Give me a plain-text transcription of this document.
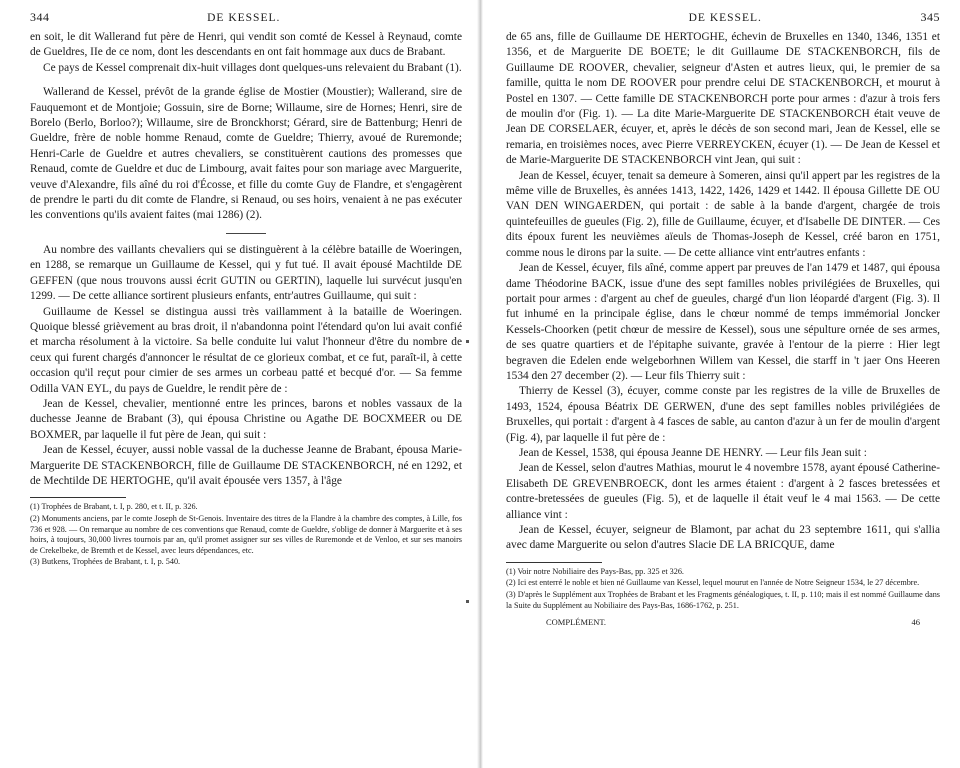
344	DE KESSEL.

en soit, le dit Wallerand fut père de Henri, qui vendit son comté de Kessel à Reynaud, comte de Gueldres, IIe de ce nom, dont les descendants en ont fait hommage aux ducs de Brabant.

Ce pays de Kessel comprenait dix-huit villages dont quelques-uns relevaient du Brabant (1).

Wallerand de Kessel, prévôt de la grande église de Mostier (Moustier); Wallerand, sire de Fauquemont et de Montjoie; Gossuin, sire de Borne; Willaume, sire de Hornes; Henri, sire de Borelo (Berlo, Borloo?); Willaume, sire de Bronckhorst; Gérard, sire de Battenburg; Henri de Gueldre, frère de noble homme Renaud, comte de Gueldre; Thierry, avoué de Ruremonde; Henri-Carle de Gueldre et autres chevaliers, se constituèrent cautions des promesses que Renaud, comte de Gueldre et duc de Limbourg, avait faites pour son mariage avec Marguerite, veuve d'Alexandre, fils aîné du roi d'Écosse, et fille du comte Guy de Flandre, et s'engagèrent de prendre le parti du dit comte de Flandre, si Renaud, ou ses hoirs, venaient à ne pas exécuter les conventions qu'ils avaient faites (mai 1286) (2).

Au nombre des vaillants chevaliers qui se distinguèrent à la célèbre bataille de Woeringen, en 1288, se remarque un Guillaume de Kessel, qui y fut tué. Il avait épousé Machtilde DE GEFFEN (que nous trouvons aussi écrit GUTIN ou GERTIN), laquelle lui survécut jusqu'en 1299. — De cette alliance sortirent plusieurs enfants, entr'autres Guillaume, qui suit :

Guillaume de Kessel se distingua aussi très vaillamment à la bataille de Woeringen. Quoique blessé grièvement au bras droit, il n'abandonna point l'étendard qu'on lui avait confié et marcha résolument à la victoire. Sa belle conduite lui valut l'honneur d'être du nombre de ceux qui furent chargés d'annoncer le résultat de ce glorieux combat, et ce fut, paraît-il, à cette occasion qu'il reçut pour cimier de ses armes un corbeau patté et becqué d'or. — Sa femme Odilla VAN EYL, du pays de Gueldre, le rendit père de :

Jean de Kessel, chevalier, mentionné entre les princes, barons et nobles vassaux de la duchesse Jeanne de Brabant (3), qui épousa Christine ou Agathe DE BOCXMEER ou DE BOXMER, par laquelle il fut père de Jean, qui suit :

Jean de Kessel, écuyer, aussi noble vassal de la duchesse Jeanne de Brabant, épousa Marie-Marguerite DE STACKENBORCH, fille de Guillaume DE STACKENBORCH, né en 1292, et de Mechtilde DE HERTOGHE, qu'il avait épousée vers 1357, à l'âge

(1) Trophées de Brabant, t. I, p. 280, et t. II, p. 326.

(2) Monuments anciens, par le comte Joseph de St-Genois. Inventaire des titres de la Flandre à la chambre des comptes, à Lille, fos 736 et 928. — On remarque au nombre de ces conventions que Renaud, comte de Gueldre, s'oblige de donner à Marguerite et à ses hoirs, à toujours, 30,000 livres tournois par an, qu'il promet assigner sur ses villes de Ruremonde et de Venloo, et sur ses manoirs de Crekelbeke, de Bremth et de Kessel, avec leurs dépendances, etc.

(3) Butkens, Trophées de Brabant, t. I, p. 540.

DE KESSEL.	345

de 65 ans, fille de Guillaume DE HERTOGHE, échevin de Bruxelles en 1340, 1346, 1351 et 1356, et de Marguerite DE BOETE; le dit Guillaume DE STACKENBORCH, fils de Guillaume DE ROOVER, chevalier, seigneur d'Asten et autres lieux, qui, le premier de sa famille, quitta le nom DE ROOVER pour prendre celui DE STACKENBORCH, et mourut à Postel en 1307. — Cette famille DE STACKENBORCH porte pour armes : d'azur à trois fers de moulin d'or (Fig. 1). — La dite Marie-Marguerite DE STACKENBORCH était veuve de Jean DE CORSELAER, écuyer, et, après le décès de son second mari, Jean de Kessel, elle se remaria, en troisièmes noces, avec Pierre VERREYCKEN, écuyer (1). — De Jean de Kessel et de Marie-Marguerite DE STACKENBORCH vint Jean, qui suit :

Jean de Kessel, écuyer, tenait sa demeure à Someren, ainsi qu'il appert par les registres de la même ville de Bruxelles, ès années 1413, 1422, 1426, 1429 et 1442. Il épousa Gillette DE OU VAN DEN WINGAERDEN, qui portait : de sable à la bande d'argent, chargée de trois quintefeuilles de gueules (Fig. 2), fille de Guillaume, écuyer, et d'Isabelle DE DINTER. — Ces dits époux furent les neuvièmes aïeuls de Thomas-Joseph de Kessel, créé baron en 1751, comme nous le dirons par la suite. — De cette alliance vint entr'autres enfants :

Jean de Kessel, écuyer, fils aîné, comme appert par preuves de l'an 1479 et 1487, qui épousa dame Théodorine BACK, issue d'une des sept familles nobles privilégiées de Bruxelles, qui portait pour armes : d'argent au chef de gueules, chargé d'un lion léopardé d'argent (Fig. 3). Il fut inhumé en la principale église, dans le chœur nommé de temps immémorial Joncker Kessels-Choorken (petit chœur de messire de Kessel), sous une sépulture ornée de ses armes, de ses quatre quartiers et de l'épitaphe suivante, gravée à l'entour de la pierre : Hier legt begraven die Edelen ende welgeborhnen Willem van Kessel, die starff in 't jaer Ons Heeren 1534 den 27 december (2). — Leur fils Thierry suit :

Thierry de Kessel (3), écuyer, comme conste par les registres de la ville de Bruxelles de 1493, 1524, épousa Béatrix DE GERWEN, d'une des sept familles nobles privilégiées de Bruxelles, qui portait : d'argent à 4 fasces de sable, au canton d'azur à un fer de moulin d'argent (Fig. 4), par laquelle il fut père de :

Jean de Kessel, 1538, qui épousa Jeanne DE HENRY. — Leur fils Jean suit :

Jean de Kessel, selon d'autres Mathias, mourut le 4 novembre 1578, ayant épousé Catherine-Elisabeth DE GREVENBROECK, dont les armes étaient : d'argent à 2 fasces bretessées et contre-bretessées de gueules (Fig. 5), et de laquelle il était veuf le 4 mai 1563. — De cette alliance vint :

Jean de Kessel, écuyer, seigneur de Blamont, par achat du 23 septembre 1611, qui s'allia avec dame Marguerite ou selon d'autres Slacie DE LA BRICQUE, dame

(1) Voir notre Nobiliaire des Pays-Bas, pp. 325 et 326.

(2) Ici est enterré le noble et bien né Guillaume van Kessel, lequel mourut en l'année de Notre Seigneur 1534, le 27 décembre.

(3) D'après le Supplément aux Trophées de Brabant et les Fragments généalogiques, t. II, p. 110; mais il est nommé Guillaume dans la Suite du Supplément au Nobiliaire des Pays-Bas, 1686-1762, p. 251.

COMPLÉMENT.	46
